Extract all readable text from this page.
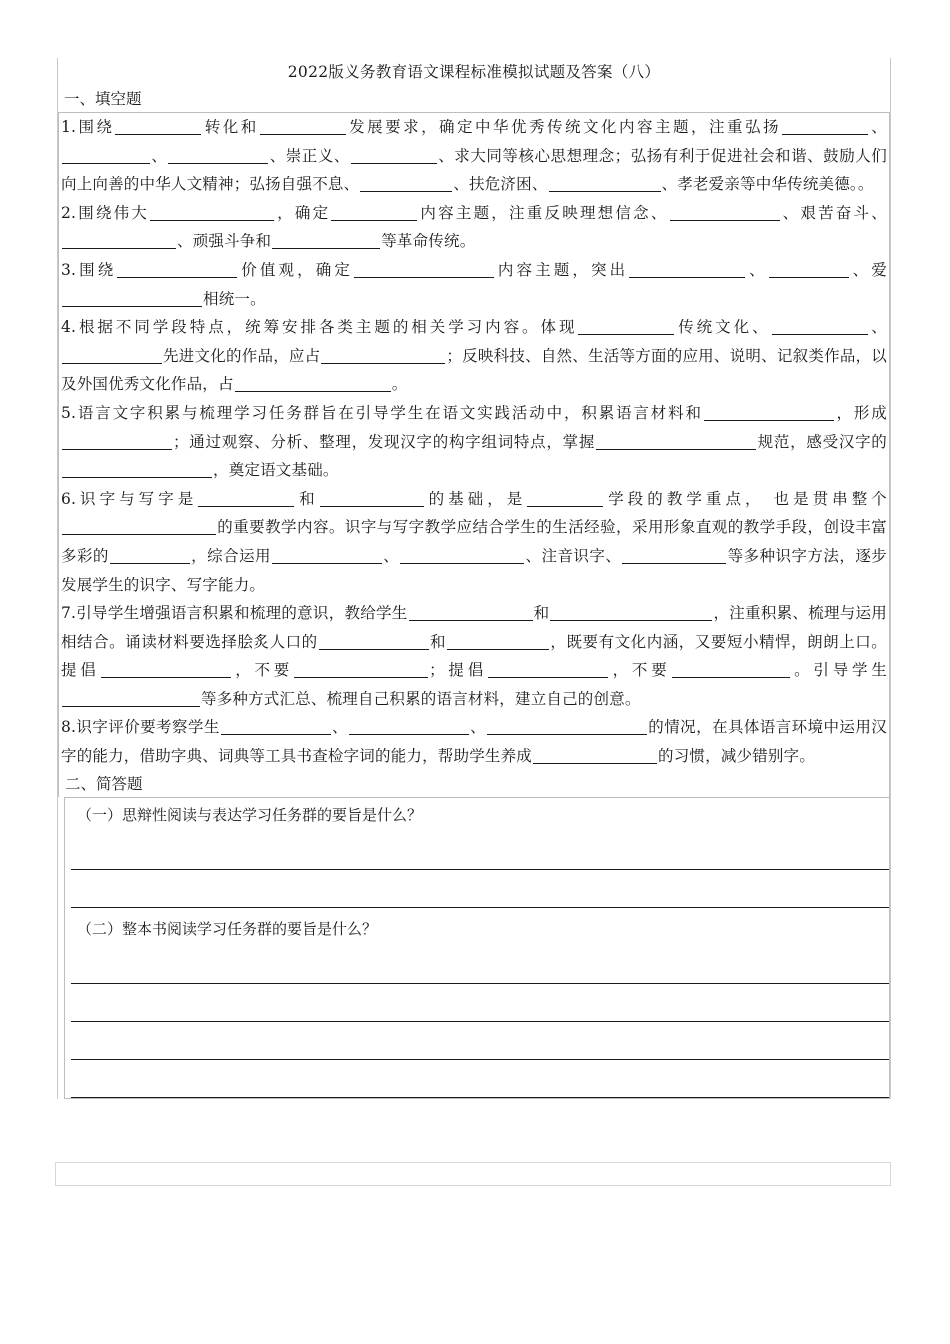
2022版义务教育语文课程标准模拟试题及答案（八）
一、填空题
1.围绕	转化和	发展要求，确定中华优秀传统文化内容主题，注重弘扬	、、	、崇正义、	、求大同等核心思想理念；弘扬有利于促进社会和谐、鼓励人们向上向善的中华人文精神；弘扬自强不息、	、扶危济困、	、孝老爱亲等中华传统美德。。
2.围绕伟大	，确定	内容主题，注重反映理想信念、	、艰苦奋斗、、顽强斗争和	等革命传统。
3.围绕	价值观，确定	内容主题，突出	、	、爱相统一。
4.根据不同学段特点，统筹安排各类主题的相关学习内容。体现	传统文化、	、先进文化的作品，应占	；反映科技、自然、生活等方面的应用、说明、记叙类作品，以及外国优秀文化作品，占	。
5.语言文字积累与梳理学习任务群旨在引导学生在语文实践活动中，积累语言材料和	，形成；通过观察、分析、整理，发现汉字的构字组词特点，掌握	规范，感受汉字的，奠定语文基础。
6.识字与写字是	和	的基础，是	学段的教学重点， 也是贯串整个的重要教学内容。识字与写字教学应结合学生的生活经验，采用形象直观的教学手段，创设丰富多彩的	，综合运用	、	、注音识字、	等多种识字方法，逐步发展学生的识字、写字能力。
7.引导学生增强语言积累和梳理的意识，教给学生	和	，注重积累、梳理与运用相结合。诵读材料要选择脍炙人口的	和	，既要有文化内涵，又要短小精悍，朗朗上口。提倡	，不要	；提倡	，不要	。引导学生等多种方式汇总、梳理自己积累的语言材料，建立自己的创意。
8.识字评价要考察学生	、	、	的情况，在具体语言环境中运用汉字的能力，借助字典、词典等工具书查检字词的能力，帮助学生养成	的习惯，减少错别字。
二、简答题
（一）思辩性阅读与表达学习任务群的要旨是什么？
（二）整本书阅读学习任务群的要旨是什么？
